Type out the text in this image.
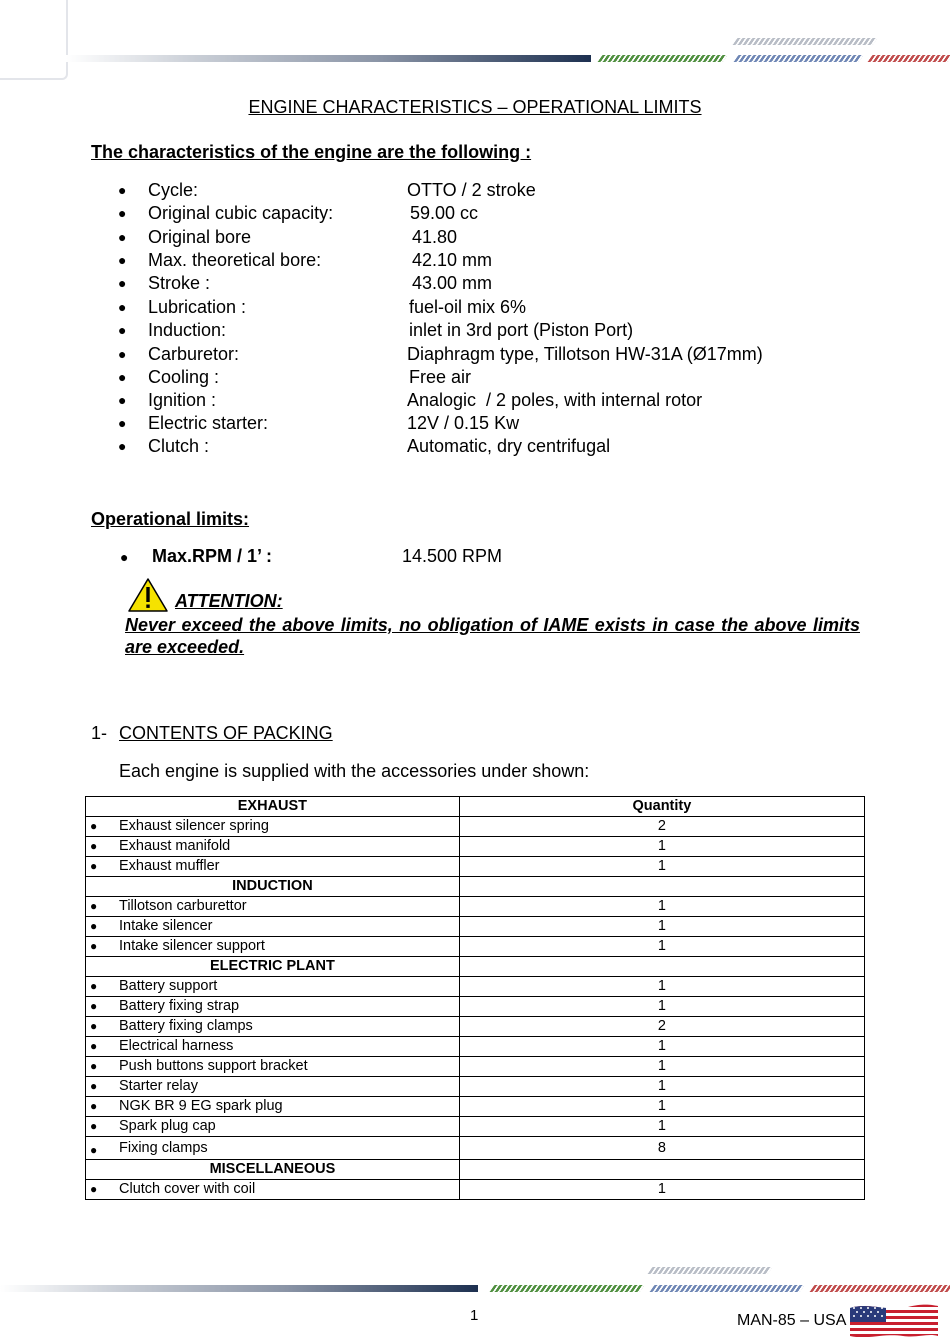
ENGINE CHARACTERISTICS – OPERATIONAL LIMITS
The characteristics of the engine are the following :
● Cycle:	OTTO / 2 stroke
● Original cubic capacity:	59.00 cc
● Original bore	41.80
● Max. theoretical bore:	42.10 mm
● Stroke :	43.00 mm
● Lubrication :	fuel-oil mix 6%
● Induction:	inlet in 3rd port (Piston Port)
● Carburetor:	Diaphragm type, Tillotson HW-31A (Ø17mm)
● Cooling :	Free air
● Ignition :	Analogic  / 2 poles, with internal rotor
● Electric starter:	12V / 0.15 Kw
● Clutch :	Automatic, dry centrifugal
Operational limits:
● Max.RPM / 1’ :	14.500 RPM
ATTENTION:
Never exceed the above limits, no obligation of IAME exists in case the above limits are exceeded.
1- CONTENTS OF PACKING
Each engine is supplied with the accessories under shown:
EXHAUST	Quantity

● Exhaust silencer spring	2

● Exhaust manifold	1

● Exhaust muffler	1
INDUCTION	

● Tillotson carburettor	1

● Intake silencer	1

● Intake silencer support	1
ELECTRIC PLANT	

● Battery support	1

● Battery fixing strap	1

● Battery fixing clamps	2

● Electrical harness	1

● Push buttons support bracket	1

● Starter relay	1

● NGK BR 9 EG spark plug	1

● Spark plug cap	1

● Fixing clamps	8
MISCELLANEOUS	

● Clutch cover with coil	1
1	MAN-85 – USA
